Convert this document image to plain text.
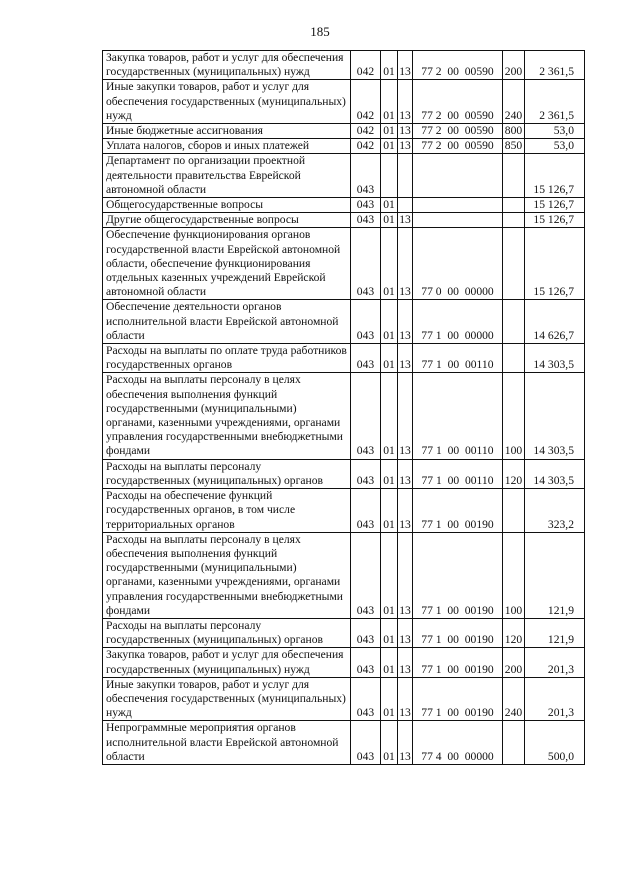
185
Закупка товаров, работ и услуг для обеспечения государственных (муниципальных) нужд	042	01	13	77 2  00  00590	200	2 361,5
Иные закупки товаров, работ и услуг для обеспечения государственных (муниципальных) нужд	042	01	13	77 2  00  00590	240	2 361,5
Иные бюджетные ассигнования	042	01	13	77 2  00  00590	800	53,0
Уплата налогов, сборов и иных платежей	042	01	13	77 2  00  00590	850	53,0
Департамент по организации проектной деятельности правительства Еврейской автономной области	043					15 126,7
Общегосударственные вопросы	043	01				15 126,7
Другие общегосударственные вопросы	043	01	13			15 126,7
Обеспечение функционирования органов государственной власти Еврейской автономной области, обеспечение функционирования отдельных казенных учреждений Еврейской автономной области	043	01	13	77 0  00  00000		15 126,7
Обеспечение деятельности органов исполнительной власти Еврейской автономной области	043	01	13	77 1  00  00000		14 626,7
Расходы на выплаты по оплате труда работников государственных органов	043	01	13	77 1  00  00110		14 303,5
Расходы на выплаты персоналу в целях обеспечения выполнения функций государственными (муниципальными) органами, казенными учреждениями, органами управления государственными внебюджетными фондами	043	01	13	77 1  00  00110	100	14 303,5
Расходы на выплаты персоналу государственных (муниципальных) органов	043	01	13	77 1  00  00110	120	14 303,5
Расходы на обеспечение функций государственных органов, в том числе территориальных органов	043	01	13	77 1  00  00190		323,2
Расходы на выплаты персоналу в целях обеспечения выполнения функций государственными (муниципальными) органами, казенными учреждениями, органами управления государственными внебюджетными фондами	043	01	13	77 1  00  00190	100	121,9
Расходы на выплаты персоналу государственных (муниципальных) органов	043	01	13	77 1  00  00190	120	121,9
Закупка товаров, работ и услуг для обеспечения государственных (муниципальных) нужд	043	01	13	77 1  00  00190	200	201,3
Иные закупки товаров, работ и услуг для обеспечения государственных (муниципальных) нужд	043	01	13	77 1  00  00190	240	201,3
Непрограммные мероприятия органов исполнительной власти Еврейской автономной области	043	01	13	77 4  00  00000		500,0
